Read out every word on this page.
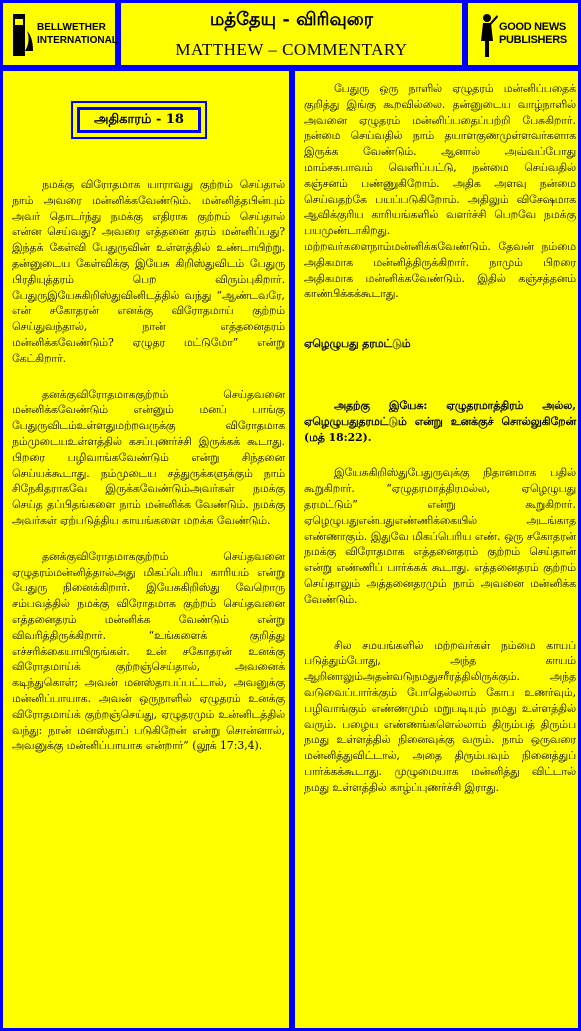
BELLWETHER
INTERNATIONAL
மத்தேயு - விரிவுரை
MATTHEW – COMMENTARY
GOOD NEWS
PUBLISHERS
அதிகாரம் - 18

நமக்கு விரோதமாக யாராவது குற்றம் செய்தால் நாம் அவரை மன்னிக்கவேண்டும். மன்னித்தபின்பும் அவர் தொடர்ந்து நமக்கு எதிராக குற்றம் செய்தால் என்ன செய்வது? அவரை எத்தனை தரம் மன்னிப்பது? இந்தக் கேள்வி பேதுருவின் உள்ளத்தில் உண்டாயிற்று. தன்னுடைய கேள்விக்கு இயேசு கிறிஸ்துவிடம் பேதுரு பிரதியுத்தரம் பெற விரும்புகிறார். பேதுருஇயேசுகிறிஸ்துவினிடத்தில் வந்து “ஆண்டவரே, என் சகோதரன் எனக்கு விரோதமாய் குற்றம் செய்துவந்தால், நான் எத்தனைதரம் மன்னிக்கவேண்டும்? ஏழுதர மட்டுமோ” என்று கேட்கிறார்.

தனக்குவிரோதமாககுற்றம் செய்தவனை மன்னிக்கவேண்டும் என்னும் மனப் பாங்கு பேதுருவிடம்உள்ளதுமற்றவருக்கு விரோதமாக நம்முடையஉள்ளத்தில் கசப்புணர்ச்சி இருக்கக் கூடாது. பிறரை பழிவாங்கவேண்டும் என்று சிந்தனை செய்யக்கூடாது. நம்முடைய சத்துருக்களுக்கும் நாம் சிநேகிதராகவே இருக்கவேண்டும்அவர்கள் நமக்கு செய்த தப்பிதங்களை நாம் மன்னிக்க வேண்டும். நமக்கு அவர்கள் ஏற்படுத்திய காயங்களை மறக்க வேண்டும்.

தனக்குவிரோதமாககுற்றம் செய்தவனை ஏழுதரம்மன்னித்தால்அது மிகப்பெரிய காரியம் என்று பேதுரு நினைக்கிறார். இயேசுகிறிஸ்து வேறொரு சம்பவத்தில் நமக்கு விரோதமாக குற்றம் செய்தவனை எத்தனைதரம் மன்னிக்க வேண்டும் என்று விவரித்திருக்கிறார். “உங்களைக் குறித்து எச்சரிக்கையாயிருங்கள். உன் சகோதரன் உனக்கு விரோதமாய்க் குற்றஞ்செய்தால், அவனைக் கடிந்துகொள்; அவன் மனஸ்தாபப்பட்டால், அவனுக்கு மன்னிப்பாயாக. அவன் ஒருநாளில் ஏழுதரம் உனக்கு விரோதமாய்க் குற்றஞ்செய்து, ஏழுதரமும் உன்னிடத்தில் வந்து: நான் மனஸ்தாப் படுகிறேன் என்று சொன்னால், அவனுக்கு மன்னிப்பாயாக என்றார்” (லூக் 17:3,4).

பேதுரு ஒரு நாளில் ஏழுதரம் மன்னிப்பதைக் குறித்து இங்கு கூறவில்லை. தன்னுடைய வாழ்நாளில் அவனை ஏழுதரம் மன்னிப்பதைப்பற்றி பேசுகிறார். நன்மை செய்வதில் நாம் தயாளகுணமுள்ளவர்களாக இருக்க வேண்டும். ஆனால் அவ்வப்போது மாம்சசுபாவம் வெளிப்பட்டு, நன்மை செய்வதில் கஞ்சனம் பண்ணுகிறோம். அதிக அளவு நன்மை செய்வதற்கே பயப்படுகிறோம். அதிலும் விசேஷமாக ஆவிக்குரிய காரியங்களில் வளர்ச்சி பெறவே நமக்கு பயமுண்டாகிறது. மற்றவர்களைநாம்மன்னிக்கவேண்டும். தேவன் நம்மை அதிகமாக மன்னித்திருக்கிறார். நாமும் பிறரை அதிகமாக மன்னிக்கவேண்டும். இதில் கஞ்சத்தனம் காண்பிக்கக்கூடாது.

ஏழெழுபது தரமட்டும்

அதற்கு இயேசு: ஏழுதரமாத்திரம் அல்ல, ஏழெழுபதுதரமட்டும் என்று உனக்குச் சொல்லுகிறேன் (மத் 18:22).

இயேசுகிறிஸ்துபேதுருவுக்கு நிதானமாக பதில் கூறுகிறார். “ஏழுதரமாத்திரமல்ல, ஏழெழுபது தரமட்டும்” என்று கூறுகிறார். ஏழெழுபதுஎன்பதுஎண்ணிக்கையில் அடங்காத எண்ணாகும். இதுவே மிகப்பெரிய எண். ஒரு சகோதரன் நமக்கு விரோதமாக எத்தனைதரம் குற்றம் செய்தான் என்று எண்ணிப் பார்க்கக் கூடாது. எத்தனைதரம் குற்றம் செய்தாலும் அத்தனைதரமும் நாம் அவனை மன்னிக்க வேண்டும்.

சில சமயங்களில் மற்றவர்கள் நம்மை காயப் படுத்தும்போது, அந்த காயம் ஆறினாலும்அதன்வடுநமதுசரீரத்திலிருக்கும். அந்த வடுவைப்பார்க்கும் போதெல்லாம் கோப உணர்வும், பழிவாங்கும் எண்ணமும் மறுபடியும் நமது உள்ளத்தில் வரும். பழைய எண்ணங்களெல்லாம் திரும்பத் திரும்ப நமது உள்ளத்தில் நினைவுக்கு வரும். நாம் ஒருவரை மன்னித்துவிட்டால், அதை திரும்பவும் நினைத்துப் பார்க்கக்கூடாது. முழுமையாக மன்னித்து விட்டால் நமது உள்ளத்தில் காழ்ப்புணர்ச்சி இராது.
